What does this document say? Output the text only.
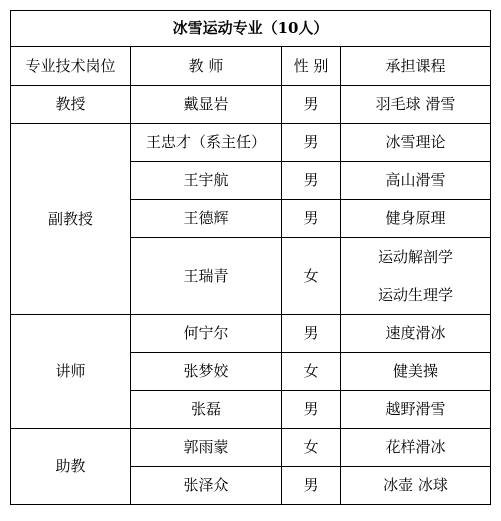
冰雪运动专业（10人）			
专业技术岗位	教 师	性 别	承担课程
教授	戴显岩	男	羽毛球 滑雪
副教授	王忠才（系主任）	男	冰雪理论
	王宇航	男	高山滑雪
	王德辉	男	健身原理
	王瑞青	女	运动解剖学
运动生理学

讲师	何宁尔	男	速度滑冰
	张梦姣	女	健美操
	张磊	男	越野滑雪
助教	郭雨蒙	女	花样滑冰
	张泽众	男	冰壶 冰球
